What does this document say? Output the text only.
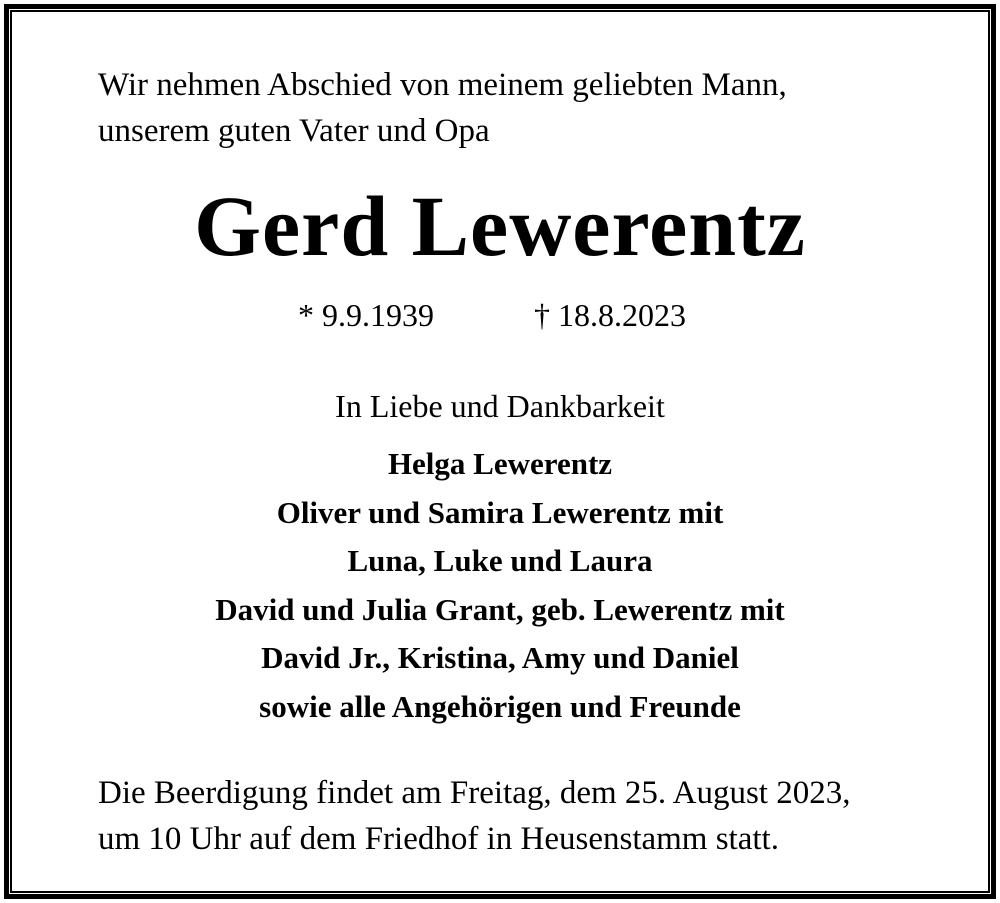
Wir nehmen Abschied von meinem geliebten Mann,
unserem guten Vater und Opa

Gerd Lewerentz
* 9.9.1939	† 18.8.2023

In Liebe und Dankbarkeit

Helga Lewerentz
Oliver und Samira Lewerentz mit
Luna, Luke und Laura
David und Julia Grant, geb. Lewerentz mit
David Jr., Kristina, Amy und Daniel
sowie alle Angehörigen und Freunde

Die Beerdigung findet am Freitag, dem 25. August 2023,
um 10 Uhr auf dem Friedhof in Heusenstamm statt.
